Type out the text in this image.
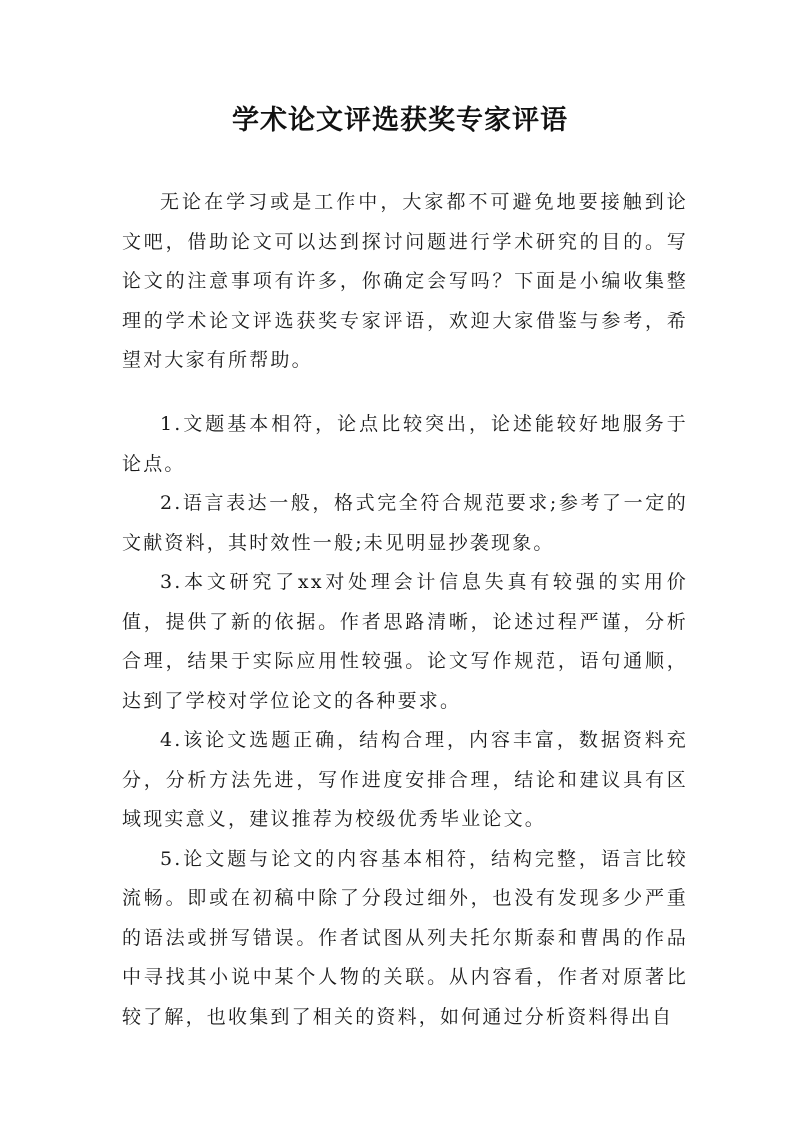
学术论文评选获奖专家评语

无论在学习或是工作中，大家都不可避免地要接触到论文吧，借助论文可以达到探讨问题进行学术研究的目的。写论文的注意事项有许多，你确定会写吗？下面是小编收集整理的学术论文评选获奖专家评语，欢迎大家借鉴与参考，希望对大家有所帮助。

1.文题基本相符，论点比较突出，论述能较好地服务于论点。

2.语言表达一般，格式完全符合规范要求;参考了一定的文献资料，其时效性一般;未见明显抄袭现象。

3.本文研究了xx对处理会计信息失真有较强的实用价值，提供了新的依据。作者思路清晰，论述过程严谨，分析合理，结果于实际应用性较强。论文写作规范，语句通顺，达到了学校对学位论文的各种要求。

4.该论文选题正确，结构合理，内容丰富，数据资料充分，分析方法先进，写作进度安排合理，结论和建议具有区域现实意义，建议推荐为校级优秀毕业论文。

5.论文题与论文的内容基本相符，结构完整，语言比较流畅。即或在初稿中除了分段过细外，也没有发现多少严重的语法或拼写错误。作者试图从列夫托尔斯泰和曹禺的作品中寻找其小说中某个人物的关联。从内容看，作者对原著比较了解，也收集到了相关的资料，如何通过分析资料得出自
